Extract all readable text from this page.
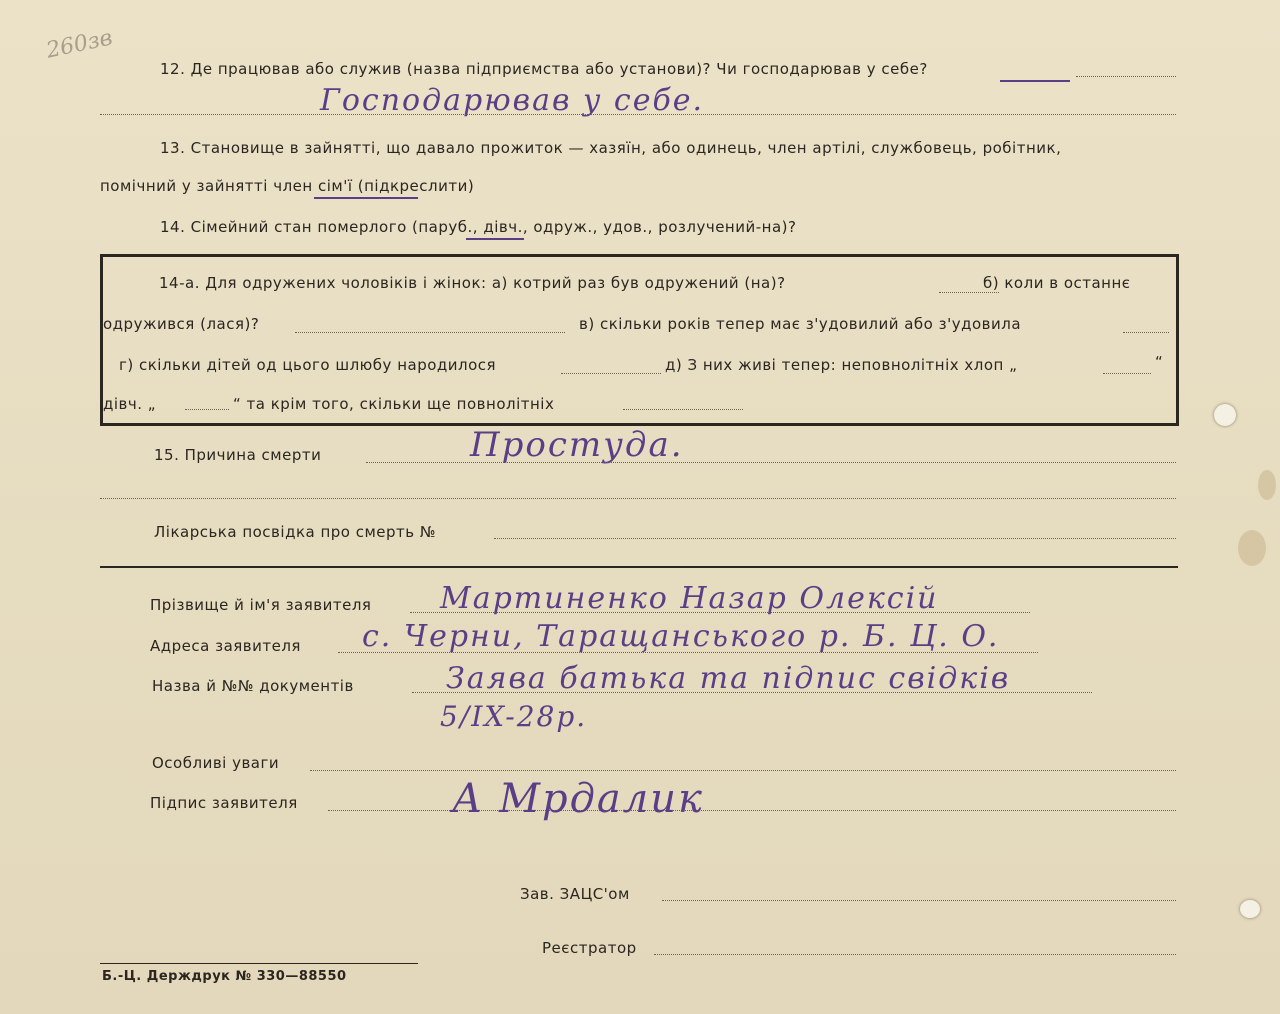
260зв
12. Де працював або служив (назва підприємства або установи)? Чи господарював у себе?
Господарював у себе.
13. Становище в зайнятті, що давало прожиток — хазяїн, або одинець, член артілі, службовець, робітник,
помічний у зайнятті член сім'ї (підкреслити)
14. Сімейний стан померлого (паруб., дівч., одруж., удов., розлучений-на)?
14-а. Для одружених чоловіків і жінок: а) котрий раз був одружений (на)?	б) коли в останнє
одружився (лася)?	в) скільки років тепер має з'удовилий або з'удовила
г) скільки дітей од цього шлюбу народилося	д) З них живі тепер: неповнолітніх хлоп „	“
дівч. „	“ та крім того, скільки ще повнолітніх
15. Причина смерти	Простуда.
Лікарська посвідка про смерть №
Прізвище й ім'я заявителя Мартиненко Назар Олексій
Адреса заявителя с. Черни, Таращанського р. Б. Ц. О.
Назва й №№ документів	Заява батька та підпис свідків
5/IX-28р.
Особливі уваги
Підпис заявителя	А Мрдалик
Зав. ЗАЦС'ом
Реєстратор
Б.-Ц. Держдрук № 330—88550
